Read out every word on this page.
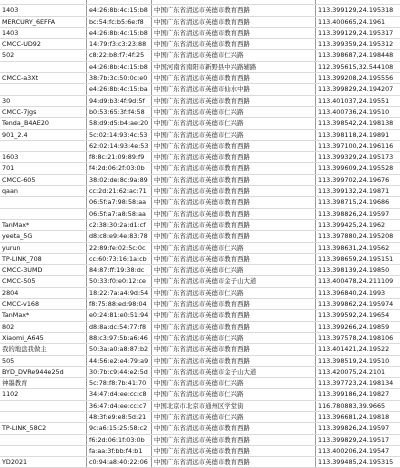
1403	e4:26:8b:4c:15:b8	中国广东省清远市英德市教育西路	113.399129,24.195318
MERCURY_6EFFA	bc:54:fc:b5:6e:f8	中国广东省清远市英德市教育西路	113.400665,24.1961
1403	e4:26:8b:4c:15:b8	中国广东省清远市英德市教育西路	113.399129,24.195317
CMCC-UD92	14:79:f3:c3:23:88	中国广东省清远市英德市教育西路	113.399359,24.195312
502	c8:22:b8:f7:4f:25	中国广东省清远市英德市仁兴路	113.398687,24.198448
	e4:26:8b:4c:15:b8	中国河南省南阳市新野县中兴路辅路	112.395615,32.544108
CMCC-a3Xt	38:7b:3c:50:0c:e0	中国广东省清远市英德市教育西路	113.399208,24.195556
	e4:26:8b:4c:15:ba	中国广东省清远市英德市仙水中路	113.399829,24.194207
30	94:d9:b3:4f:9d:5f	中国广东省清远市英德市教育西路	113.401037,24.19551
CMCC-7jgs	b0:53:65:3f:f4:58	中国广东省清远市英德市仁兴路	113.400736,24.19510
Tenda_B4AE20	58:d9:d5:b4:ae:20	中国广东省清远市英德市仁兴路	113.398542,24.198138
901_2.4	5c:02:14:93:4c:53	中国广东省清远市英德市仁兴路	113.398118,24.19891
	62:02:14:93:4e:53	中国广东省清远市英德市教育西路	113.397100,24.196116
1603	f8:8c:21:09:89:f9	中国广东省清远市英德市教育西路	113.399329,24.195173
701	f4:2d:06:2f:03:0b	中国广东省清远市英德市教育西路	113.399609,24.195528
CMCC-605	38:02:de:8c:9a:89	中国广东省清远市英德市教育西路	113.399702,24.19676
qaan	cc:2d:21:62:ac:71	中国广东省清远市英德市教育西路	113.399132,24.19871
	06:5f:a7:98:58:aa	中国广东省清远市英德市教育西路	113.398715,24.19686
	06:5f:a7:a8:58:aa	中国广东省清远市英德市教育西路	113.398826,24.19597
TanMax*	c2:38:30:2a:d1:cf	中国广东省清远市英德市教育西路	113.399425,24.1962
yeeta_5G	d8:c8:e9:4e:83:78	中国广东省清远市英德市教育西路	113.397880,24.195208
yurun	22:89:fe:02:5c:0c	中国广东省清远市英德市仁兴路	113.398631,24.19562
TP-LINK_708	cc:60:73:16:1a:cb	中国广东省清远市英德市教育西路	113.398659,24.195151
CMCC-3UMD	84:87:ff:19:38:dc	中国广东省清远市英德市仁兴路	113.398139,24.19850
CMCC-505	50:33:f0:e0:12:ce	中国广东省清远市英德市金子山大道	113.400478,24.211109
2804	18:22:7a:a4:9d:54	中国广东省清远市英德市仁兴路	113.396840,24.1993
CMCC-v168	f8:75:88:ed:98:04	中国广东省清远市英德市教育西路	113.399862,24.195974
TanMax*	e0:24:81:e0:51:94	中国广东省清远市英德市教育西路	113.399592,24.19654
802	d8:8a:dc:54:77:f8	中国广东省清远市英德市教育西路	113.399266,24.19859
Xiaomi_A645	88:c3:97:5b:a6:46	中国广东省清远市英德市仁兴路	113.397578,24.198106
我的地盘我做主	50:3a:a0:a8:87:b2	中国广东省清远市英德市教育西路	113.401421,24.19522
505	44:56:e2:e4:79:a9	中国广东省清远市英德市教育西路	113.398519,24.19510
BYD_DVRe944e25d	30:7b:c9:44:e2:5d	中国广东省清远市英德市金子山大道	113.420075,24.2101
神墨教育	5c:78:f8:7b:41:70	中国广东省清远市英德市仁兴路	113.397723,24.198134
1102	34:47:d4:ee:cc:c8	中国广东省清远市英德市仁兴路	113.399186,24.19827
	36:47:d4:ee:cc:c7	中国北京市北京市通州区学堂街	116.780883,39.9665
	48:3f:e9:e8:5d:21	中国广东省清远市英德市仁兴路	113.396681,24.19818
TP-LINK_58C2	9c:a6:15:25:58:c2	中国广东省清远市英德市教育西路	113.399826,24.19597
	f6:2d:06:1f:03:0b	中国广东省清远市英德市教育西路	113.399829,24.19517
	fa:aa:3f:bb:f4:b1	中国广东省清远市英德市教育西路	113.400206,24.19547
YD2021	c0:94:a8:40:22:06	中国广东省清远市英德市教育西路	113.399485,24.195315
